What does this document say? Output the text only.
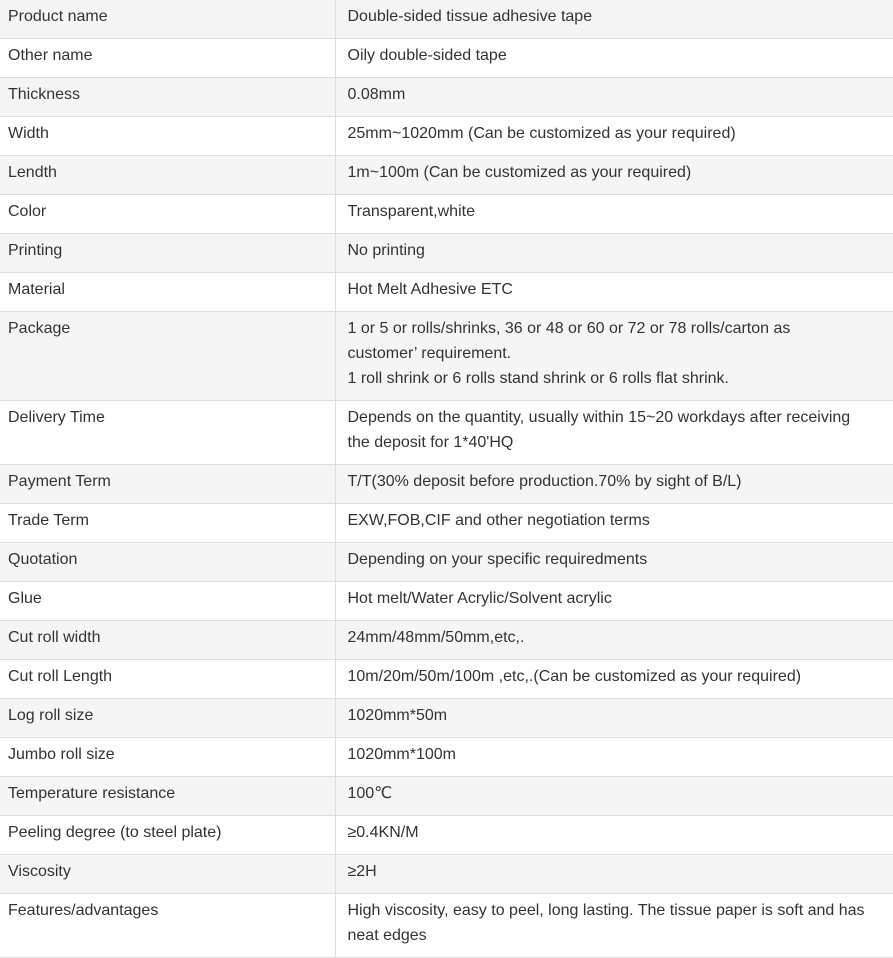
Product name	Double-sided tissue adhesive tape

Other name	Oily double-sided tape

Thickness	0.08mm

Width	25mm~1020mm (Can be customized as your required)

Lendth	1m~100m (Can be customized as your required)

Color	Transparent,white

Printing	No printing

Material	Hot Melt Adhesive ETC

Package	1 or 5 or rolls/shrinks, 36 or 48 or 60 or 72 or 78 rolls/carton as
customer’ requirement.
1 roll shrink or 6 rolls stand shrink or 6 rolls flat shrink.

Delivery Time	Depends on the quantity, usually within 15~20 workdays after receiving
the deposit for 1*40'HQ

Payment Term	T/T(30% deposit before production.70% by sight of B/L)

Trade Term	EXW,FOB,CIF and other negotiation terms

Quotation	Depending on your specific requiredments

Glue	Hot melt/Water Acrylic/Solvent acrylic

Cut roll width	24mm/48mm/50mm,etc,.

Cut roll Length	10m/20m/50m/100m ,etc,.(Can be customized as your required)

Log roll size	1020mm*50m

Jumbo roll size	1020mm*100m

Temperature resistance	100℃

Peeling degree (to steel plate)	≥0.4KN/M

Viscosity	≥2H

Features/advantages	High viscosity, easy to peel, long lasting. The tissue paper is soft and has
neat edges
